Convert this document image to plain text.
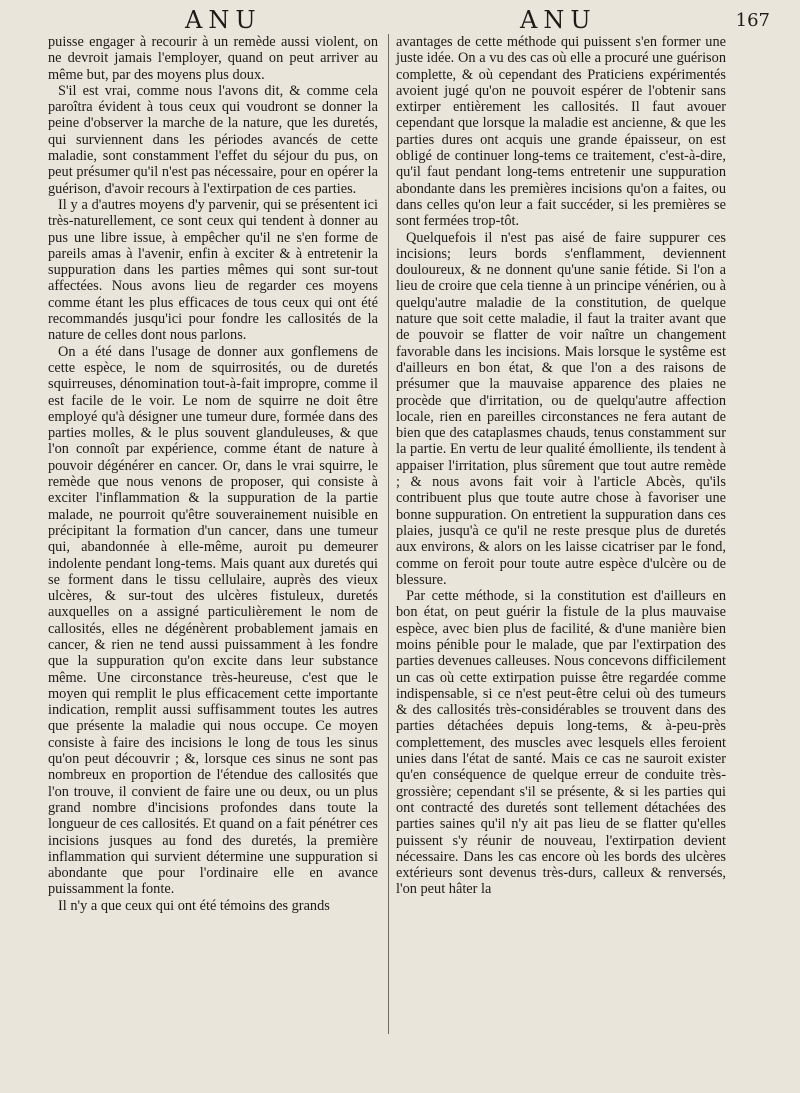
ANU	ANU	167

puisse engager à recourir à un remède aussi violent, on ne devroit jamais l'employer, quand on peut arriver au même but, par des moyens plus doux.

S'il est vrai, comme nous l'avons dit, & comme cela paroîtra évident à tous ceux qui voudront se donner la peine d'observer la marche de la nature, que les duretés, qui surviennent dans les périodes avancés de cette maladie, sont constamment l'effet du séjour du pus, on peut présumer qu'il n'est pas nécessaire, pour en opérer la guérison, d'avoir recours à l'extirpation de ces parties.

Il y a d'autres moyens d'y parvenir, qui se présentent ici très-naturellement, ce sont ceux qui tendent à donner au pus une libre issue, à empêcher qu'il ne s'en forme de pareils amas à l'avenir, enfin à exciter & à entretenir la suppuration dans les parties mêmes qui sont sur-tout affectées. Nous avons lieu de regarder ces moyens comme étant les plus efficaces de tous ceux qui ont été recommandés jusqu'ici pour fondre les callosités de la nature de celles dont nous parlons.

On a été dans l'usage de donner aux gonflemens de cette espèce, le nom de squirrosités, ou de duretés squirreuses, dénomination tout-à-fait impropre, comme il est facile de le voir. Le nom de squirre ne doit être employé qu'à désigner une tumeur dure, formée dans des parties molles, & le plus souvent glanduleuses, & que l'on connoît par expérience, comme étant de nature à pouvoir dégénérer en cancer. Or, dans le vrai squirre, le remède que nous venons de proposer, qui consiste à exciter l'inflammation & la suppuration de la partie malade, ne pourroit qu'être souverainement nuisible en précipitant la formation d'un cancer, dans une tumeur qui, abandonnée à elle-même, auroit pu demeurer indolente pendant long-tems. Mais quant aux duretés qui se forment dans le tissu cellulaire, auprès des vieux ulcères, & sur-tout des ulcères fistuleux, duretés auxquelles on a assigné particulièrement le nom de callosités, elles ne dégénèrent probablement jamais en cancer, & rien ne tend aussi puissamment à les fondre que la suppuration qu'on excite dans leur substance même. Une circonstance très-heureuse, c'est que le moyen qui remplit le plus efficacement cette importante indication, remplit aussi suffisamment toutes les autres que présente la maladie qui nous occupe. Ce moyen consiste à faire des incisions le long de tous les sinus qu'on peut découvrir ; &, lorsque ces sinus ne sont pas nombreux en proportion de l'étendue des callosités que l'on trouve, il convient de faire une ou deux, ou un plus grand nombre d'incisions profondes dans toute la longueur de ces callosités. Et quand on a fait pénétrer ces incisions jusques au fond des duretés, la première inflammation qui survient détermine une suppuration si abondante que pour l'ordinaire elle en avance puissamment la fonte.

Il n'y a que ceux qui ont été témoins des grands

avantages de cette méthode qui puissent s'en former une juste idée. On a vu des cas où elle a procuré une guérison complette, & où cependant des Praticiens expérimentés avoient jugé qu'on ne pouvoit espérer de l'obtenir sans extirper entièrement les callosités. Il faut avouer cependant que lorsque la maladie est ancienne, & que les parties dures ont acquis une grande épaisseur, on est obligé de continuer long-tems ce traitement, c'est-à-dire, qu'il faut pendant long-tems entretenir une suppuration abondante dans les premières incisions qu'on a faites, ou dans celles qu'on leur a fait succéder, si les premières se sont fermées trop-tôt.

Quelquefois il n'est pas aisé de faire suppurer ces incisions; leurs bords s'enflamment, deviennent douloureux, & ne donnent qu'une sanie fétide. Si l'on a lieu de croire que cela tienne à un principe vénérien, ou à quelqu'autre maladie de la constitution, de quelque nature que soit cette maladie, il faut la traiter avant que de pouvoir se flatter de voir naître un changement favorable dans les incisions. Mais lorsque le systême est d'ailleurs en bon état, & que l'on a des raisons de présumer que la mauvaise apparence des plaies ne procède que d'irritation, ou de quelqu'autre affection locale, rien en pareilles circonstances ne fera autant de bien que des cataplasmes chauds, tenus constamment sur la partie. En vertu de leur qualité émolliente, ils tendent à appaiser l'irritation, plus sûrement que tout autre remède ; & nous avons fait voir à l'article Abcès, qu'ils contribuent plus que toute autre chose à favoriser une bonne suppuration. On entretient la suppuration dans ces plaies, jusqu'à ce qu'il ne reste presque plus de duretés aux environs, & alors on les laisse cicatriser par le fond, comme on feroit pour toute autre espèce d'ulcère ou de blessure.

Par cette méthode, si la constitution est d'ailleurs en bon état, on peut guérir la fistule de la plus mauvaise espèce, avec bien plus de facilité, & d'une manière bien moins pénible pour le malade, que par l'extirpation des parties devenues calleuses. Nous concevons difficilement un cas où cette extirpation puisse être regardée comme indispensable, si ce n'est peut-être celui où des tumeurs & des callosités très-considérables se trouvent dans des parties détachées depuis long-tems, & à-peu-près complettement, des muscles avec lesquels elles feroient unies dans l'état de santé. Mais ce cas ne sauroit exister qu'en conséquence de quelque erreur de conduite très-grossière; cependant s'il se présente, & si les parties qui ont contracté des duretés sont tellement détachées des parties saines qu'il n'y ait pas lieu de se flatter qu'elles puissent s'y réunir de nouveau, l'extirpation devient nécessaire. Dans les cas encore où les bords des ulcères extérieurs sont devenus très-durs, calleux & renversés, l'on peut hâter la
